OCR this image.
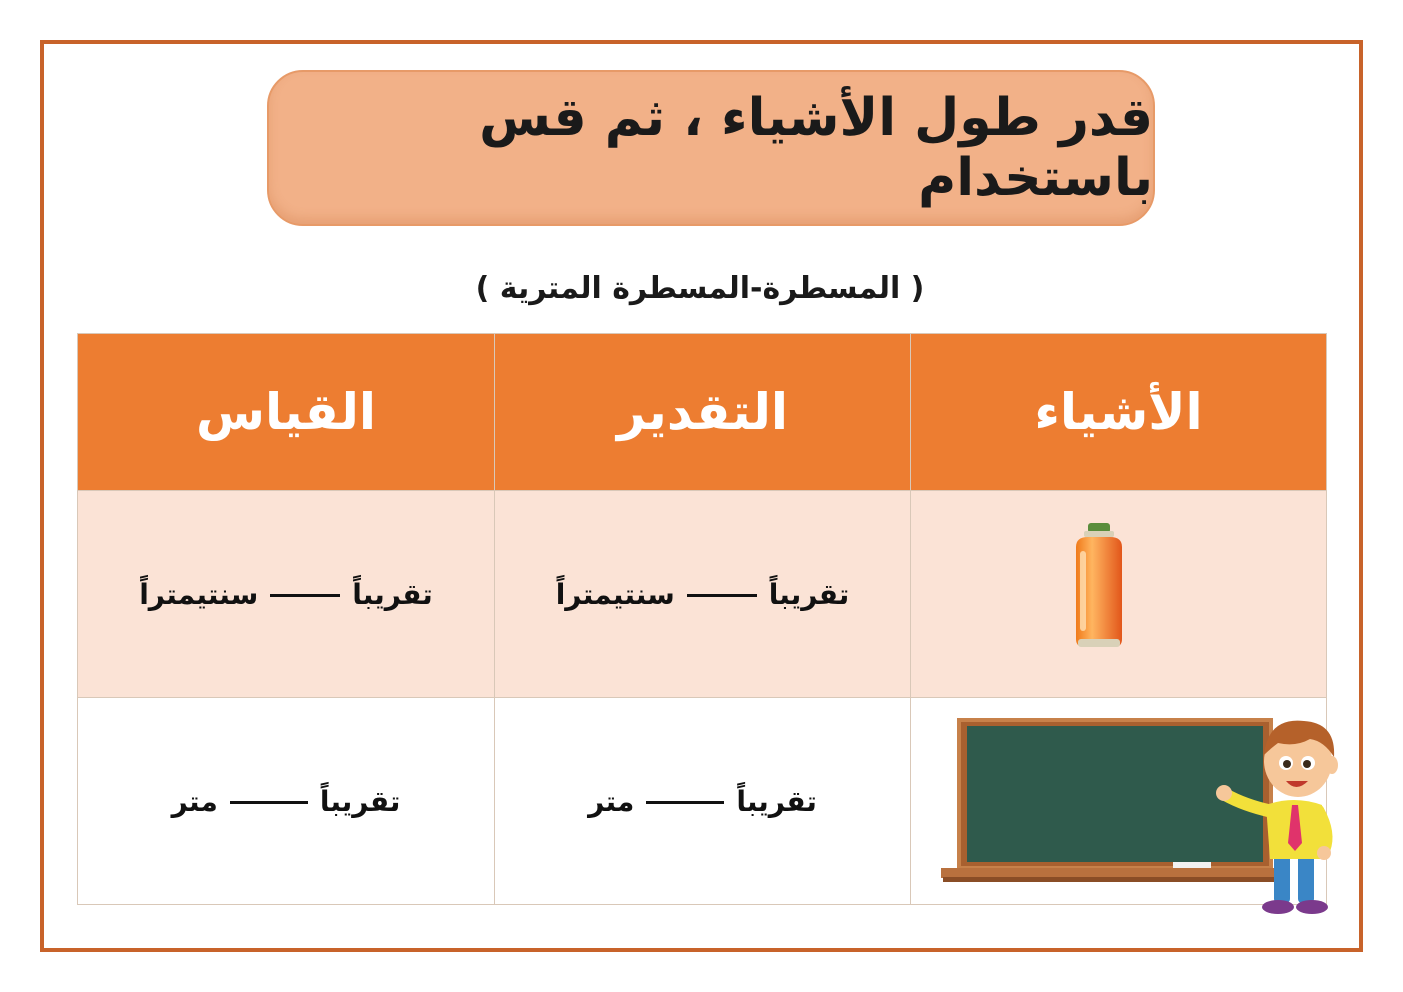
قدر طول الأشياء ، ثم قس باستخدام
( المسطرة-المسطرة المترية )
الأشياء	التقدير	القياس

	تقريباًسنتيمتراً	تقريباًسنتيمتراً

	تقريباًمتر	تقريباًمتر
